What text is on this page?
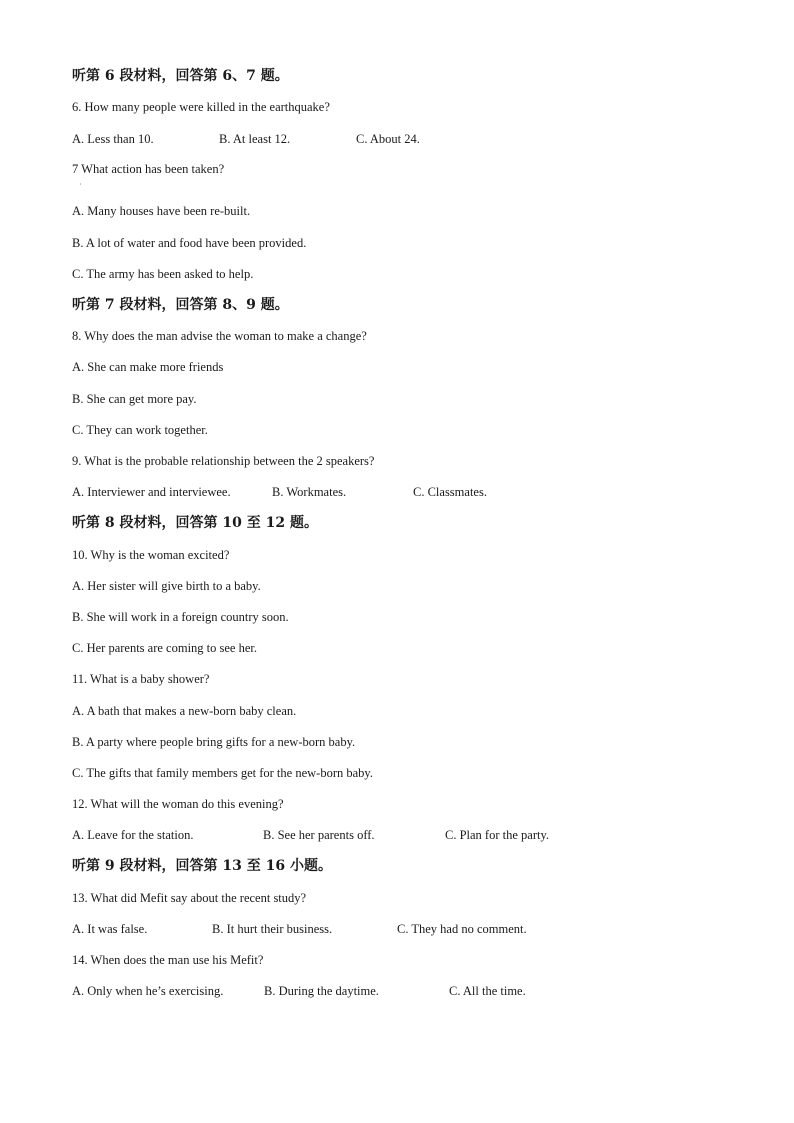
听第 6 段材料，回答第 6、7 题。
6. How many people were killed in the earthquake?
A. Less than 10.	B. At least 12.	C. About 24.
7 What action has been taken?
·
A. Many houses have been re-built.
B. A lot of water and food have been provided.
C. The army has been asked to help.
听第 7 段材料，回答第 8、9 题。
8. Why does the man advise the woman to make a change?
A. She can make more friends
B. She can get more pay.
C. They can work together.
9. What is the probable relationship between the 2 speakers?
A. Interviewer and interviewee.	B. Workmates.	C. Classmates.
听第 8 段材料，回答第 10 至 12 题。
10. Why is the woman excited?
A. Her sister will give birth to a baby.
B. She will work in a foreign country soon.
C. Her parents are coming to see her.
11. What is a baby shower?
A. A bath that makes a new-born baby clean.
B. A party where people bring gifts for a new-born baby.
C. The gifts that family members get for the new-born baby.
12. What will the woman do this evening?
A. Leave for the station.	B. See her parents off.	C. Plan for the party.
听第 9 段材料，回答第 13 至 16 小题。
13. What did Mefit say about the recent study?
A. It was false.	B. It hurt their business.	C. They had no comment.
14. When does the man use his Mefit?
A. Only when he’s exercising.	B. During the daytime.	C. All the time.
